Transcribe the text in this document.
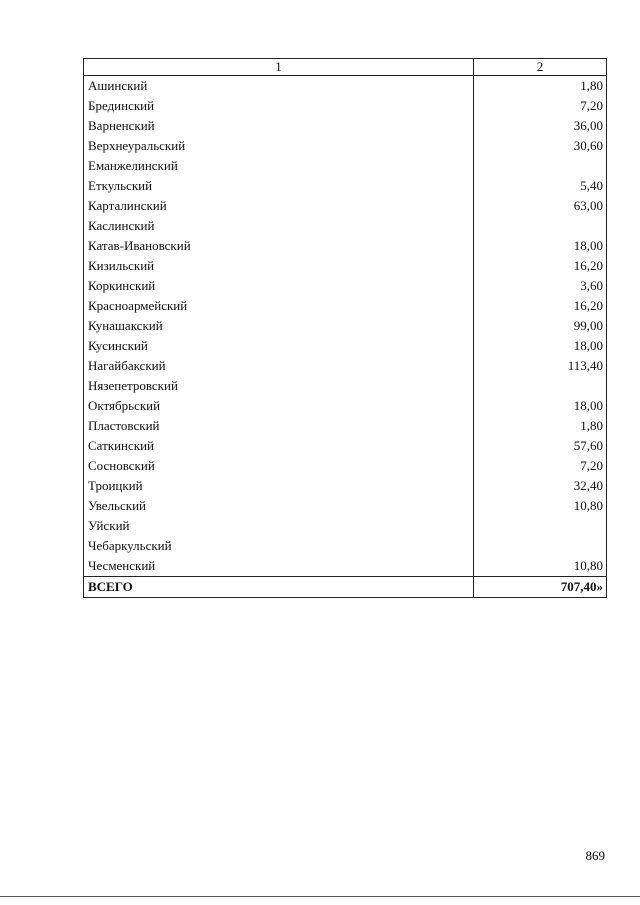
1	2
Ашинский	1,80
Брединский	7,20
Варненский	36,00
Верхнеуральский	30,60
Еманжелинский	
Еткульский	5,40
Карталинский	63,00
Каслинский	
Катав-Ивановский	18,00
Кизильский	16,20
Коркинский	3,60
Красноармейский	16,20
Кунашакский	99,00
Кусинский	18,00
Нагайбакский	113,40
Нязепетровский	
Октябрьский	18,00
Пластовский	1,80
Саткинский	57,60
Сосновский	7,20
Троицкий	32,40
Увельский	10,80
Уйский	
Чебаркульский	
Чесменский	10,80
ВСЕГО	707,40»
869
